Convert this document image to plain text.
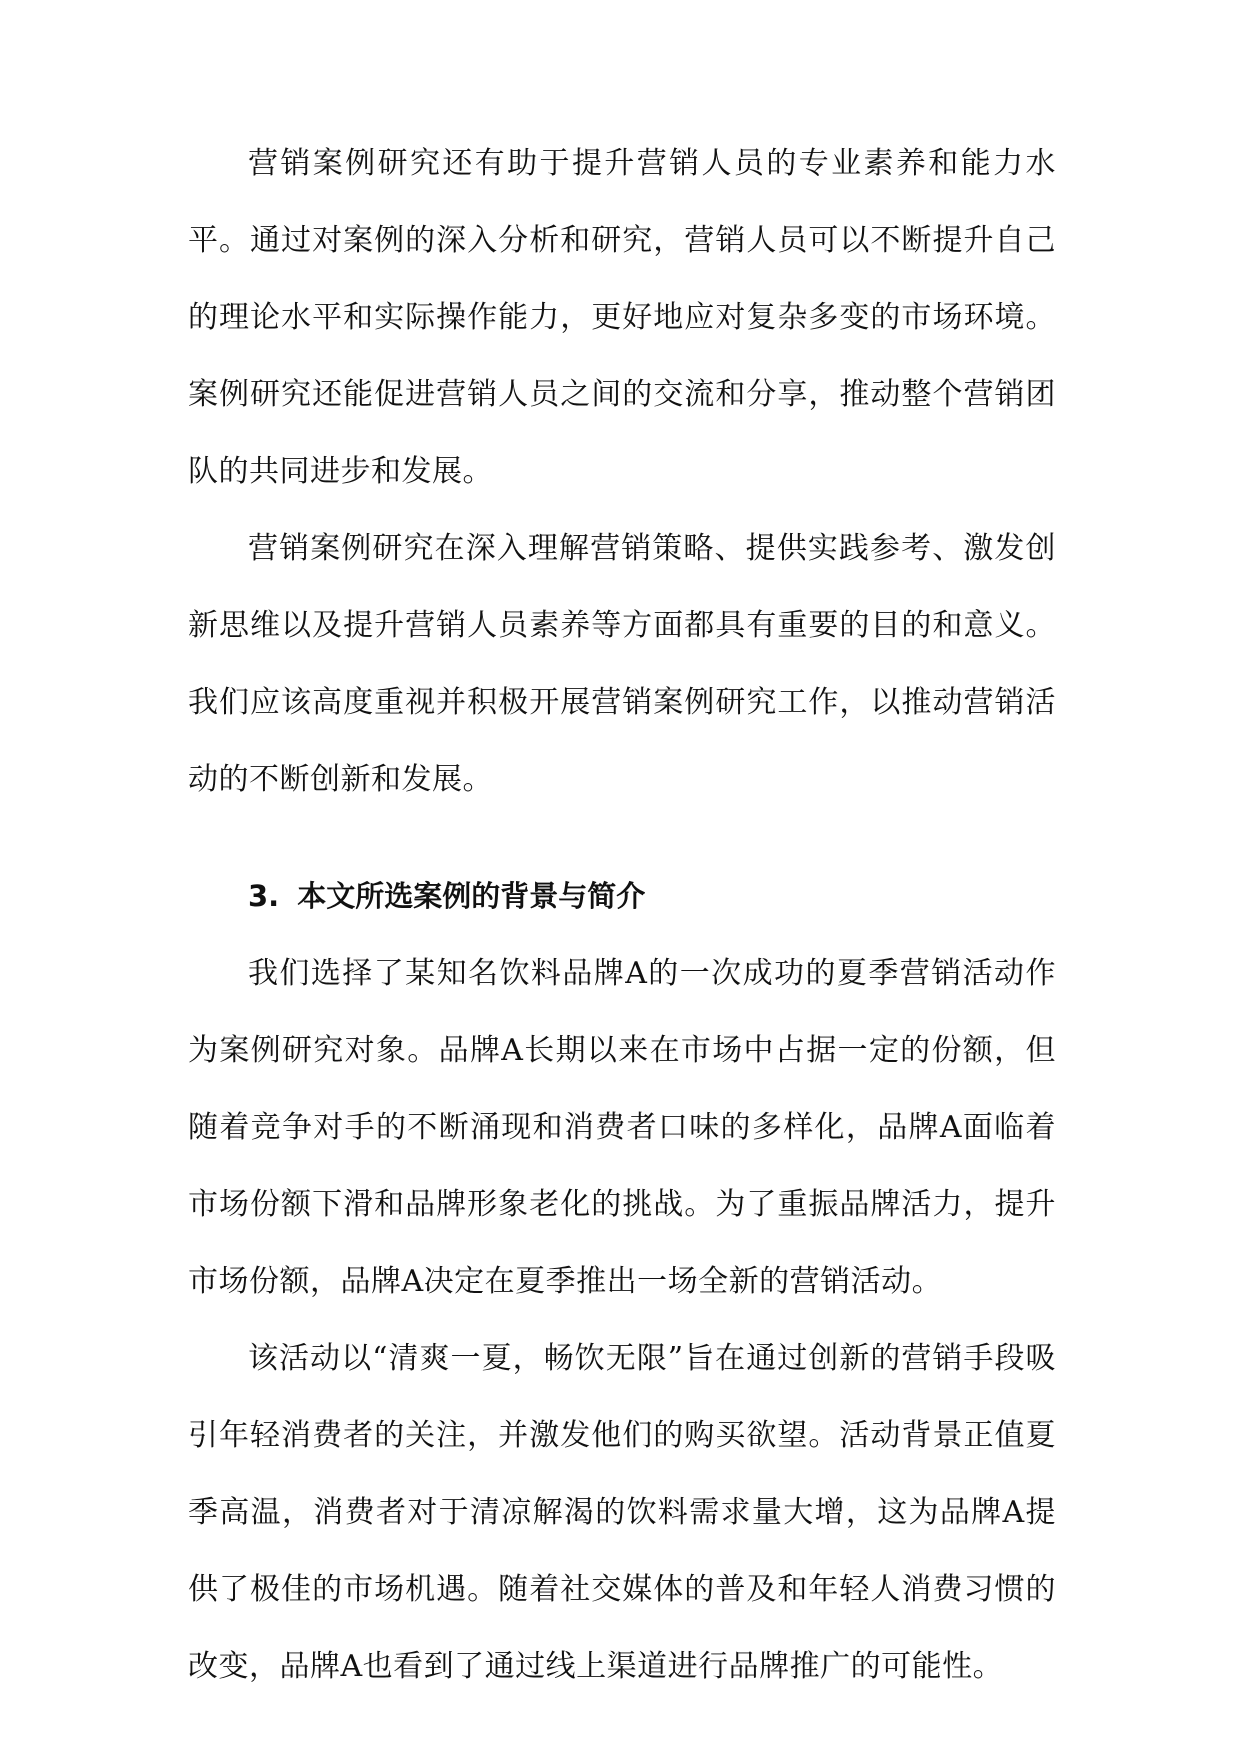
营销案例研究还有助于提升营销人员的专业素养和能力水平。通过对案例的深入分析和研究，营销人员可以不断提升自己的理论水平和实际操作能力，更好地应对复杂多变的市场环境。案例研究还能促进营销人员之间的交流和分享，推动整个营销团队的共同进步和发展。

营销案例研究在深入理解营销策略、提供实践参考、激发创新思维以及提升营销人员素养等方面都具有重要的目的和意义。我们应该高度重视并积极开展营销案例研究工作，以推动营销活动的不断创新和发展。

3. 本文所选案例的背景与简介

我们选择了某知名饮料品牌A的一次成功的夏季营销活动作为案例研究对象。品牌A长期以来在市场中占据一定的份额，但随着竞争对手的不断涌现和消费者口味的多样化，品牌A面临着市场份额下滑和品牌形象老化的挑战。为了重振品牌活力，提升市场份额，品牌A决定在夏季推出一场全新的营销活动。

该活动以“清爽一夏，畅饮无限”旨在通过创新的营销手段吸引年轻消费者的关注，并激发他们的购买欲望。活动背景正值夏季高温，消费者对于清凉解渴的饮料需求量大增，这为品牌A提供了极佳的市场机遇。随着社交媒体的普及和年轻人消费习惯的改变，品牌A也看到了通过线上渠道进行品牌推广的可能性。
